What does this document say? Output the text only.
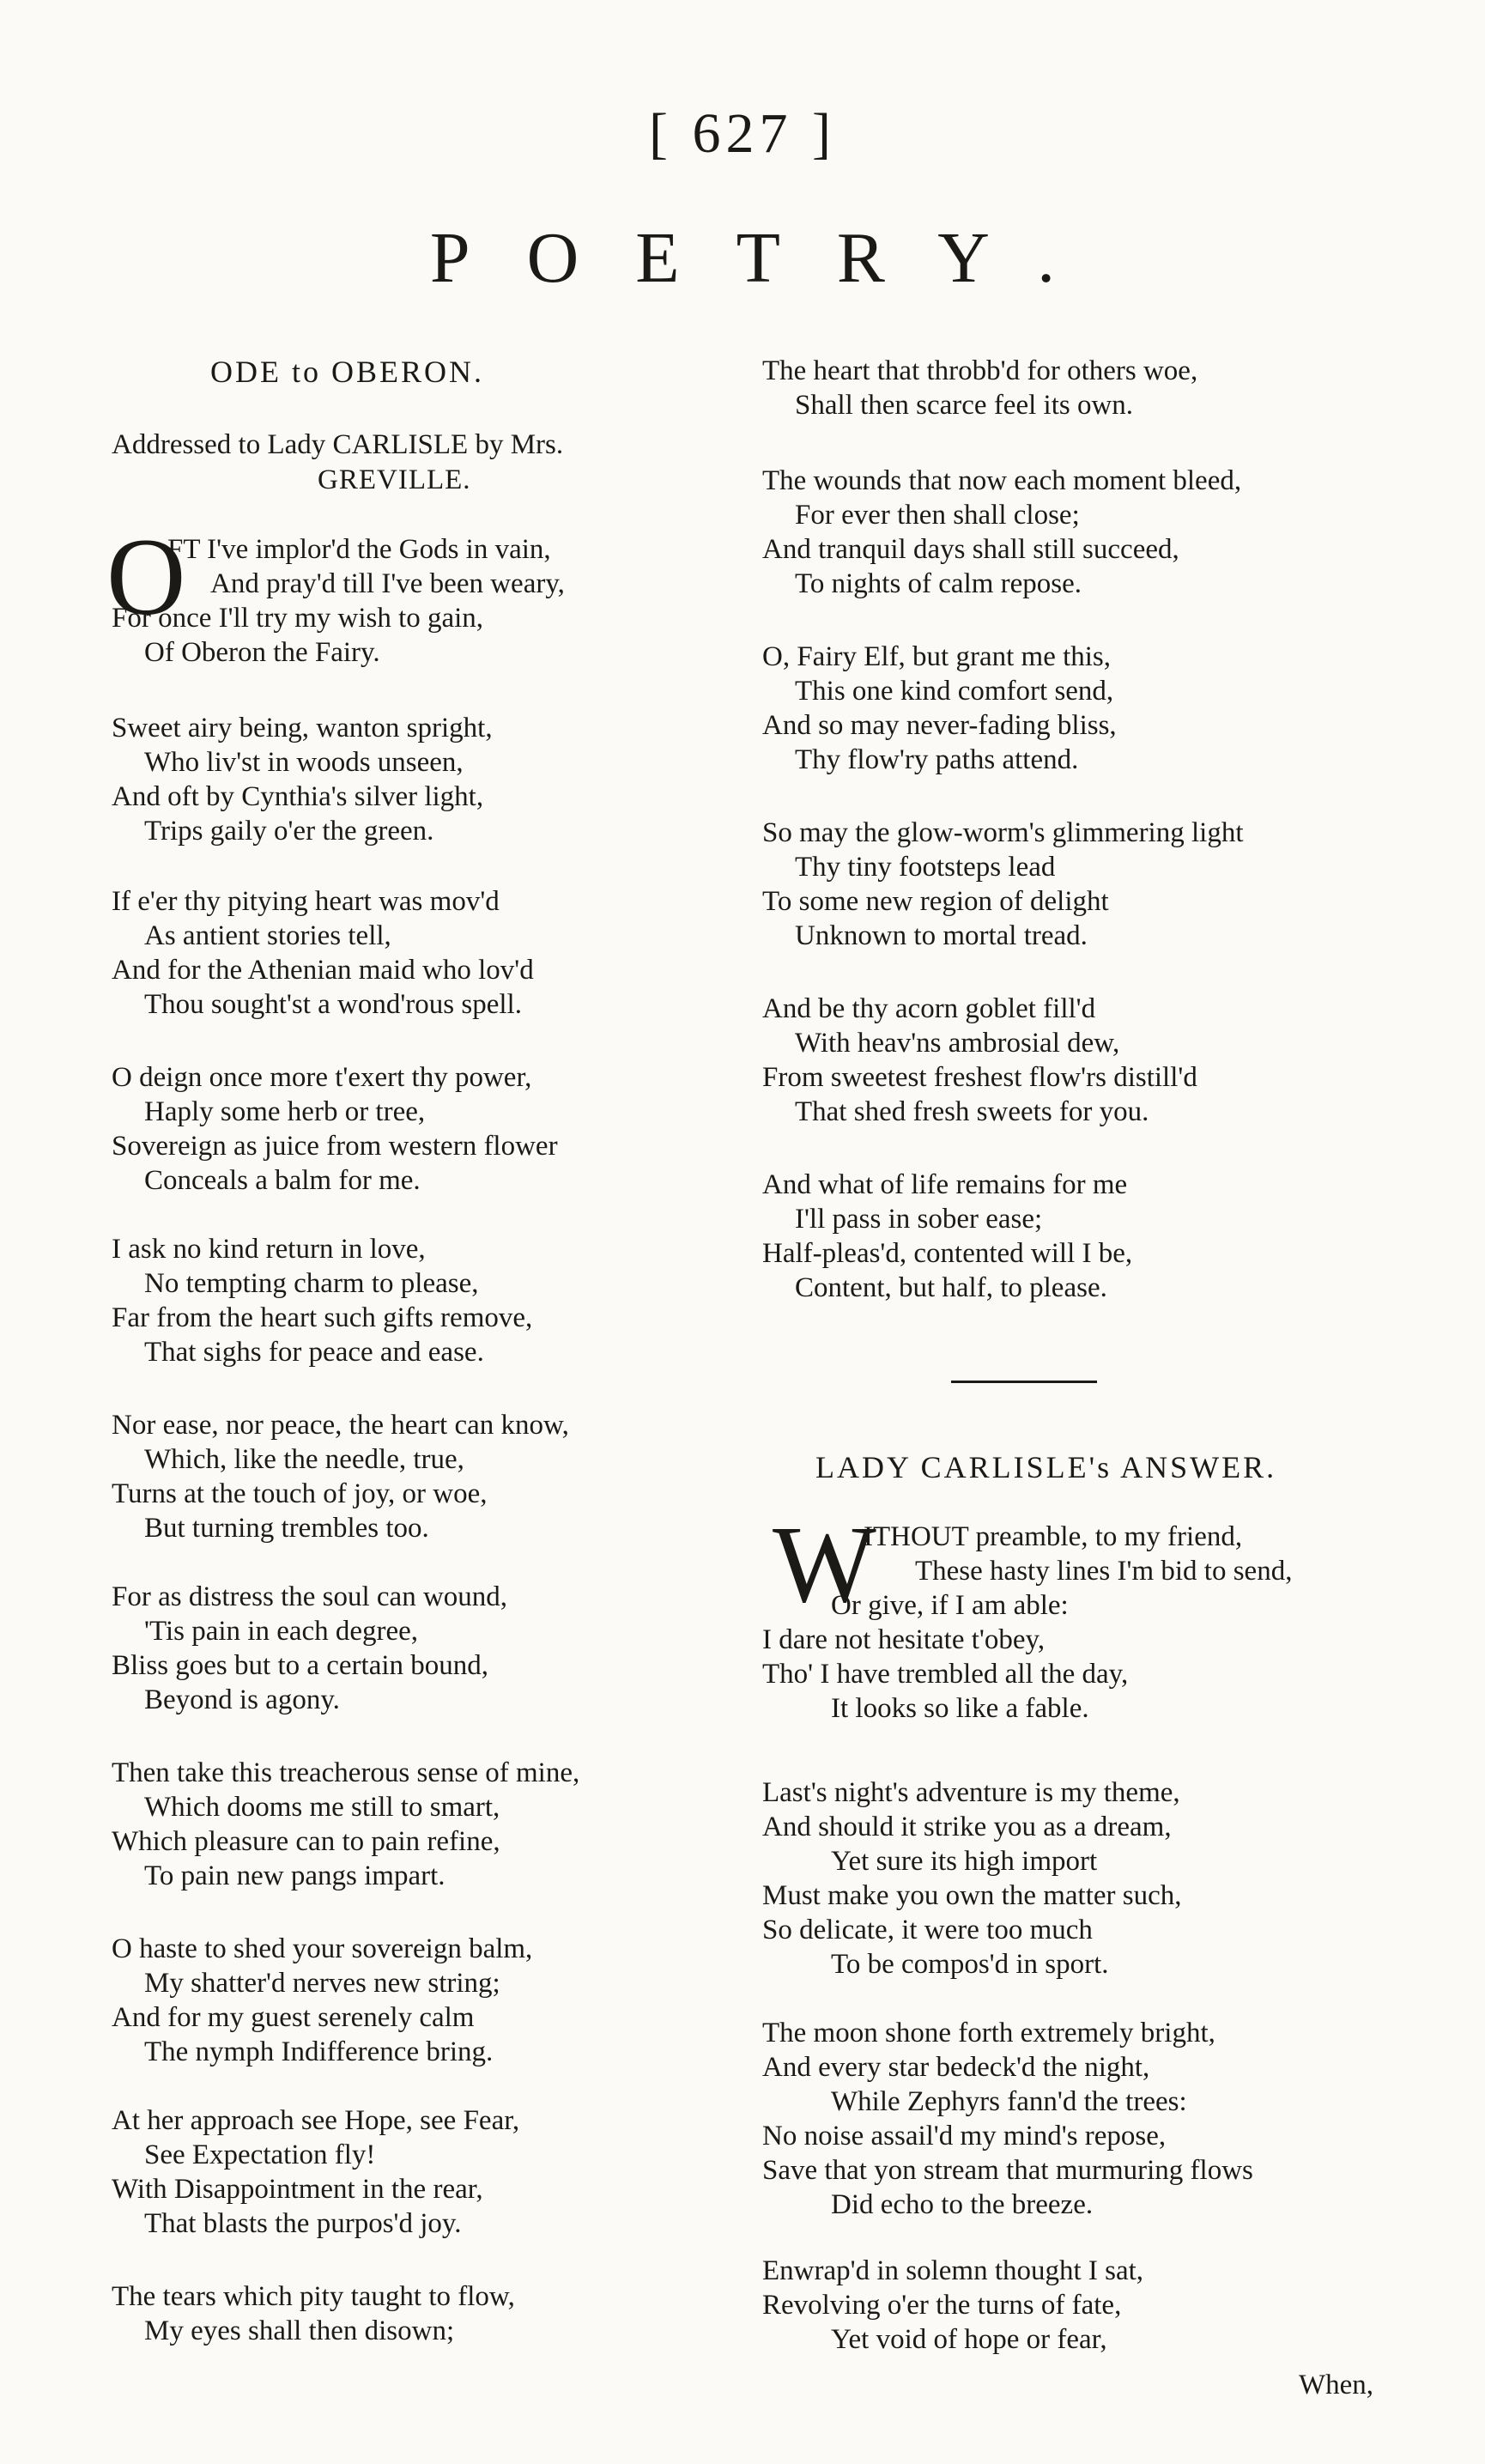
[ 627 ]
POETRY.
ODE to OBERON.
Addressed to Lady CARLISLE by Mrs.
GREVILLE.
O
FT I've implor'd the Gods in vain,
And pray'd till I've been weary,
For once I'll try my wish to gain,
Of Oberon the Fairy.
Sweet airy being, wanton spright,
Who liv'st in woods unseen,
And oft by Cynthia's silver light,
Trips gaily o'er the green.
If e'er thy pitying heart was mov'd
As antient stories tell,
And for the Athenian maid who lov'd
Thou sought'st a wond'rous spell.
O deign once more t'exert thy power,
Haply some herb or tree,
Sovereign as juice from western flower
Conceals a balm for me.
I ask no kind return in love,
No tempting charm to please,
Far from the heart such gifts remove,
That sighs for peace and ease.
Nor ease, nor peace, the heart can know,
Which, like the needle, true,
Turns at the touch of joy, or woe,
But turning trembles too.
For as distress the soul can wound,
'Tis pain in each degree,
Bliss goes but to a certain bound,
Beyond is agony.
Then take this treacherous sense of mine,
Which dooms me still to smart,
Which pleasure can to pain refine,
To pain new pangs impart.
O haste to shed your sovereign balm,
My shatter'd nerves new string;
And for my guest serenely calm
The nymph Indifference bring.
At her approach see Hope, see Fear,
See Expectation fly!
With Disappointment in the rear,
That blasts the purpos'd joy.
The tears which pity taught to flow,
My eyes shall then disown;
The heart that throbb'd for others woe,
Shall then scarce feel its own.
The wounds that now each moment bleed,
For ever then shall close;
And tranquil days shall still succeed,
To nights of calm repose.
O, Fairy Elf, but grant me this,
This one kind comfort send,
And so may never-fading bliss,
Thy flow'ry paths attend.
So may the glow-worm's glimmering light
Thy tiny footsteps lead
To some new region of delight
Unknown to mortal tread.
And be thy acorn goblet fill'd
With heav'ns ambrosial dew,
From sweetest freshest flow'rs distill'd
That shed fresh sweets for you.
And what of life remains for me
I'll pass in sober ease;
Half-pleas'd, contented will I be,
Content, but half, to please.
LADY CARLISLE's ANSWER.
W
ITHOUT preamble, to my friend,
These hasty lines I'm bid to send,
Or give, if I am able:
I dare not hesitate t'obey,
Tho' I have trembled all the day,
It looks so like a fable.
Last's night's adventure is my theme,
And should it strike you as a dream,
Yet sure its high import
Must make you own the matter such,
So delicate, it were too much
To be compos'd in sport.
The moon shone forth extremely bright,
And every star bedeck'd the night,
While Zephyrs fann'd the trees:
No noise assail'd my mind's repose,
Save that yon stream that murmuring flows
Did echo to the breeze.
Enwrap'd in solemn thought I sat,
Revolving o'er the turns of fate,
Yet void of hope or fear,
When,
